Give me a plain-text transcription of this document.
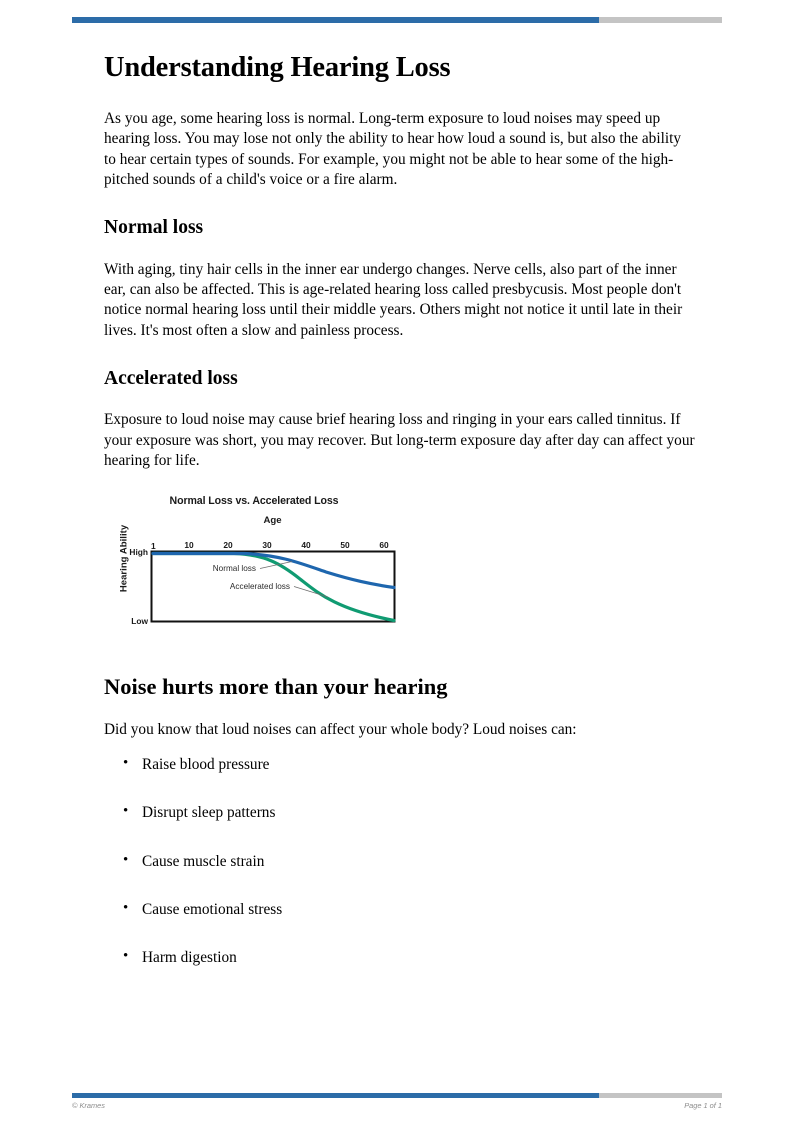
Understanding Hearing Loss

As you age, some hearing loss is normal. Long-term exposure to loud noises may speed up hearing loss. You may lose not only the ability to hear how loud a sound is, but also the ability to hear certain types of sounds. For example, you might not be able to hear some of the high-pitched sounds of a child's voice or a fire alarm.

Normal loss

With aging, tiny hair cells in the inner ear undergo changes. Nerve cells, also part of the inner ear, can also be affected. This is age-related hearing loss called presbycusis. Most people don't notice normal hearing loss until their middle years. Others might not notice it until late in their lives. It's most often a slow and painless process.

Accelerated loss

Exposure to loud noise may cause brief hearing loss and ringing in your ears called tinnitus. If your exposure was short, you may recover. But long-term exposure day after day can affect your hearing for life.

Normal Loss vs. Accelerated Loss
Age
Hearing Ability	1	10	20	30	40	50	60
High
Low
Normal loss
Accelerated loss
Noise hurts more than your hearing

Did you know that loud noises can affect your whole body? Loud noises can:

• Raise blood pressure
• Disrupt sleep patterns
• Cause muscle strain
• Cause emotional stress
• Harm digestion
© Krames	Page 1 of 1
